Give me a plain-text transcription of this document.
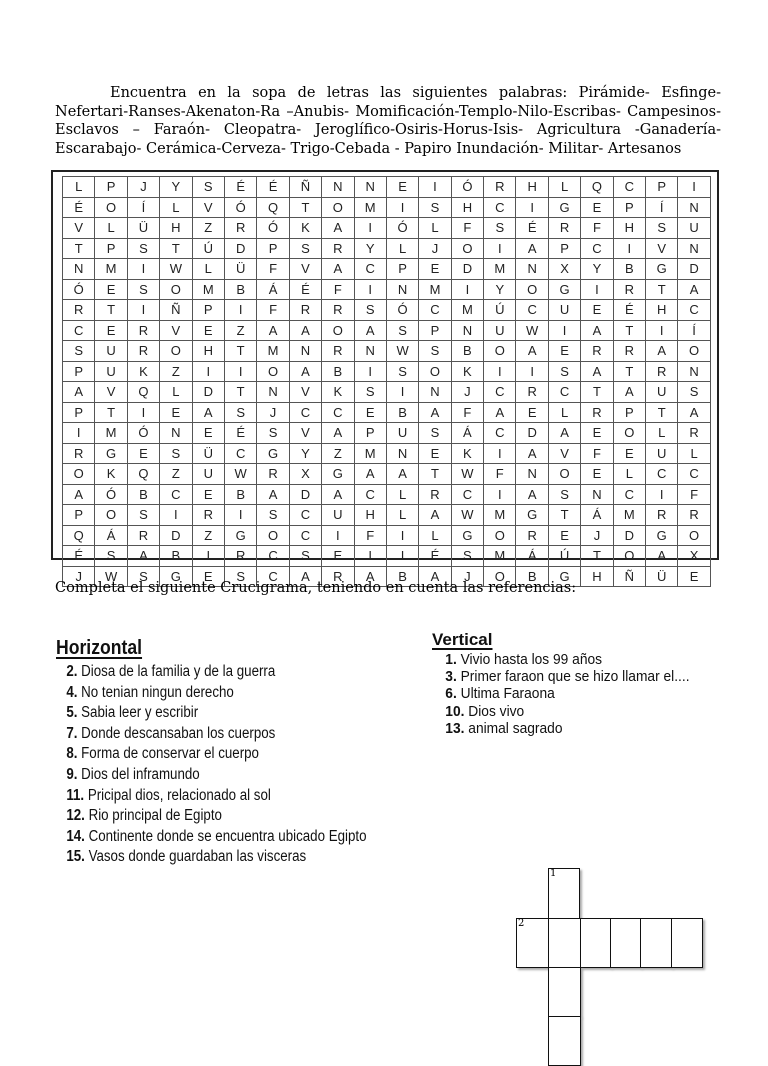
Encuentra en la sopa de letras las siguientes palabras: Pirámide- Esfinge- Nefertari-Ranses-Akenaton-Ra –Anubis- Momificación-Templo-Nilo-Escribas- Campesinos-Esclavos – Faraón- Cleopatra- Jeroglífico-Osiris-Horus-Isis- Agricultura -Ganadería- Escarabajo- Cerámica-Cerveza- Trigo-Cebada - Papiro Inundación- Militar- Artesanos
L	P	J	Y	S	É	É	Ñ	N	N	E	I	Ó	R	H	L	Q	C	P	I
É	O	Í	L	V	Ó	Q	T	O	M	I	S	H	C	I	G	E	P	Í	N
V	L	Ü	H	Z	R	Ó	K	A	I	Ó	L	F	S	É	R	F	H	S	U
T	P	S	T	Ú	D	P	S	R	Y	L	J	O	I	A	P	C	I	V	N
N	M	I	W	L	Ü	F	V	A	C	P	E	D	M	N	X	Y	B	G	D
Ó	E	S	O	M	B	Á	É	F	I	N	M	I	Y	O	G	I	R	T	A
R	T	I	Ñ	P	I	F	R	R	S	Ó	C	M	Ú	C	U	E	É	H	C
C	E	R	V	E	Z	A	A	O	A	S	P	N	U	W	I	A	T	I	Í
S	U	R	O	H	T	M	N	R	N	W	S	B	O	A	E	R	R	A	O
P	U	K	Z	I	I	O	A	B	I	S	O	K	I	I	S	A	T	R	N
A	V	Q	L	D	T	N	V	K	S	I	N	J	C	R	C	T	A	U	S
P	T	I	E	A	S	J	C	C	E	B	A	F	A	E	L	R	P	T	A
I	M	Ó	N	E	É	S	V	A	P	U	S	Á	C	D	A	E	O	L	R
R	G	E	S	Ü	C	G	Y	Z	M	N	E	K	I	A	V	F	E	U	L
O	K	Q	Z	U	W	R	X	G	A	A	T	W	F	N	O	E	L	C	C
A	Ó	B	C	E	B	A	D	A	C	L	R	C	I	A	S	N	C	I	F
P	O	S	I	R	I	S	C	U	H	L	A	W	M	G	T	Á	M	R	R
Q	Á	R	D	Z	G	O	C	I	F	I	L	G	O	R	E	J	D	G	O
É	S	A	B	I	R	C	S	E	I	I	É	S	M	Á	Ú	T	O	A	X
J	W	S	G	E	S	C	A	R	A	B	A	J	O	B	G	H	Ñ	Ü	E
Completa el siguiente Crucigrama, teniendo en cuenta las referencias:
Horizontal
2. Diosa de la familia y de la guerra
4. No tenian ningun derecho
5. Sabia leer y escribir
7. Donde descansaban los cuerpos
8. Forma de conservar el cuerpo
9. Dios del inframundo
11. Pricipal dios, relacionado al sol
12. Rio principal de Egipto
14. Continente donde se encuentra ubicado Egipto
15. Vasos donde guardaban las visceras
Vertical
1. Vivio hasta los 99 años
3. Primer faraon que se hizo llamar el....
6. Ultima Faraona
10. Dios vivo
13. animal sagrado
1
2
